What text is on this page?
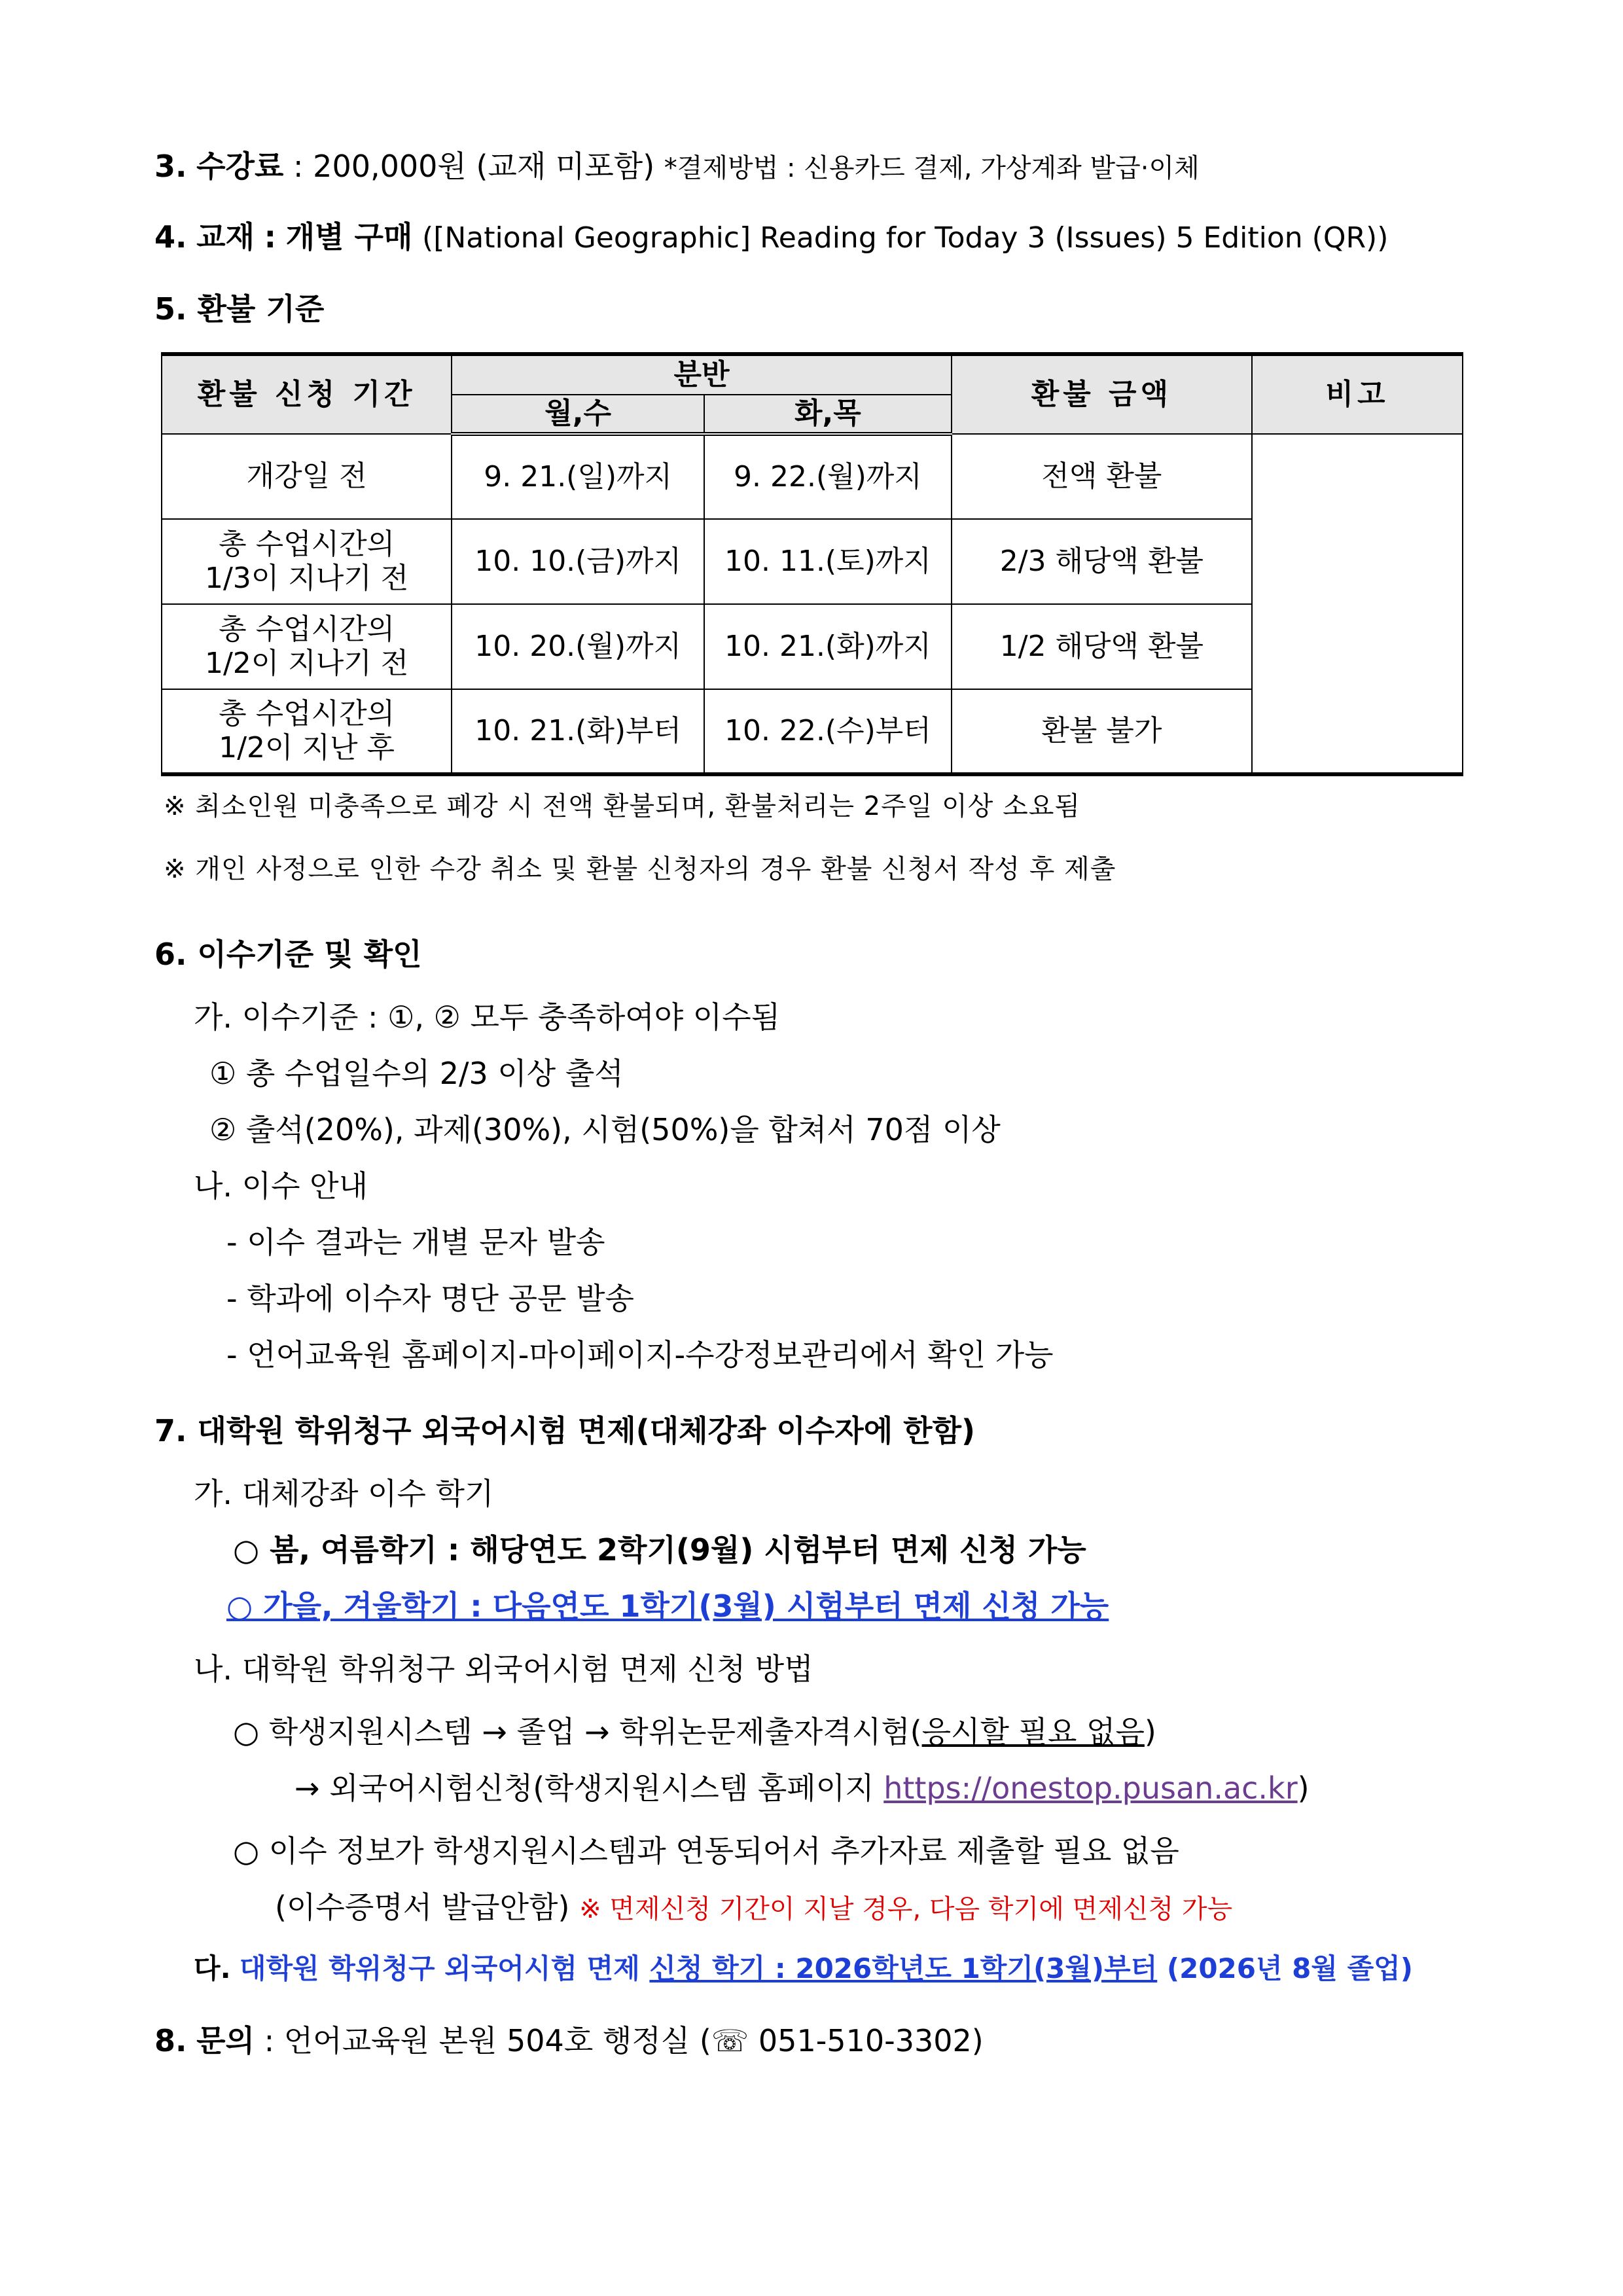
3. 수강료 : 200,000원 (교재 미포함) *결제방법 : 신용카드 결제, 가상계좌 발급·이체
4. 교재 : 개별 구매 ([National Geographic] Reading for Today 3 (Issues) 5 Edition (QR))
5. 환불 기준
환불 신청 기간	분반		환불 금액	비고
	월,수	화,목		
개강일 전	9. 21.(일)까지	9. 22.(월)까지	전액 환불	
총 수업시간의
1/3이 지나기 전	10. 10.(금)까지	10. 11.(토)까지	2/3 해당액 환불	
총 수업시간의
1/2이 지나기 전	10. 20.(월)까지	10. 21.(화)까지	1/2 해당액 환불	
총 수업시간의
1/2이 지난 후	10. 21.(화)부터	10. 22.(수)부터	환불 불가	
※ 최소인원 미충족으로 폐강 시 전액 환불되며, 환불처리는 2주일 이상 소요됨
※ 개인 사정으로 인한 수강 취소 및 환불 신청자의 경우 환불 신청서 작성 후 제출
6. 이수기준 및 확인
가. 이수기준 : ①, ② 모두 충족하여야 이수됨
① 총 수업일수의 2/3 이상 출석
② 출석(20%), 과제(30%), 시험(50%)을 합쳐서 70점 이상
나. 이수 안내
- 이수 결과는 개별 문자 발송
- 학과에 이수자 명단 공문 발송
- 언어교육원 홈페이지-마이페이지-수강정보관리에서 확인 가능
7. 대학원 학위청구 외국어시험 면제(대체강좌 이수자에 한함)
가. 대체강좌 이수 학기
○ 봄, 여름학기 : 해당연도 2학기(9월) 시험부터 면제 신청 가능
○ 가을, 겨울학기 : 다음연도 1학기(3월) 시험부터 면제 신청 가능
나. 대학원 학위청구 외국어시험 면제 신청 방법
○ 학생지원시스템 → 졸업 → 학위논문제출자격시험(응시할 필요 없음)
→ 외국어시험신청(학생지원시스템 홈페이지 https://onestop.pusan.ac.kr)
○ 이수 정보가 학생지원시스템과 연동되어서 추가자료 제출할 필요 없음
(이수증명서 발급안함) ※ 면제신청 기간이 지날 경우, 다음 학기에 면제신청 가능
다. 대학원 학위청구 외국어시험 면제 신청 학기 : 2026학년도 1학기(3월)부터 (2026년 8월 졸업)
8. 문의 : 언어교육원 본원 504호 행정실 (☏ 051-510-3302)
